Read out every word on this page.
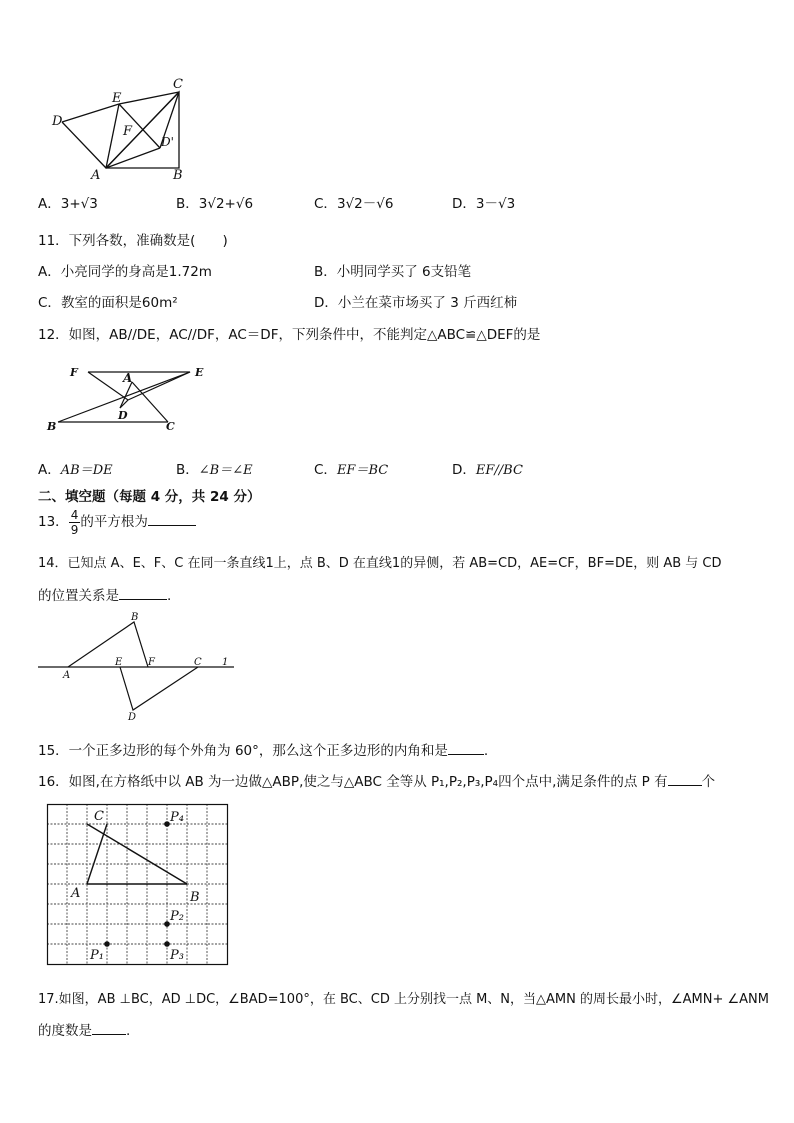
C
E
D
F
D'
A	B
A．3+√3	B．3√2+√6	C．3√2－√6	D．3－√3
11．下列各数，准确数是(　　)
A．小亮同学的身高是1.72m	B．小明同学买了 6支铅笔
C．教室的面积是60m²	D．小兰在菜市场买了 3 斤西红柿
12．如图，AB//DE，AC//DF，AC＝DF，下列条件中，不能判定△ABC≌△DEF的是
F	A	E
D
B	C
A．AB＝DE	B．∠B＝∠E	C．EF＝BC	D．EF//BC
二、填空题（每题 4 分，共 24 分）
13． $\frac{4}{9}$ 的平方根为
14．已知点 A、E、F、C 在同一条直线1上，点 B、D 在直线1的异侧，若 AB=CD，AE=CF，BF=DE，则 AB 与 CD
的位置关系是	.
B
A
E	F	C 1
D
15．一个正多边形的每个外角为 60°，那么这个正多边形的内角和是	.
16．如图,在方格纸中以 AB 为一边做△ABP,使之与△ABC 全等从 P₁,P₂,P₃,P₄四个点中,满足条件的点 P 有	个
C	P₄
A	B
P₂
P₁	P₃
17.如图，AB ⊥BC，AD ⊥DC，∠BAD=100°，在 BC、CD 上分别找一点 M、N，当△AMN 的周长最小时，∠AMN+ ∠ANM
的度数是	.
